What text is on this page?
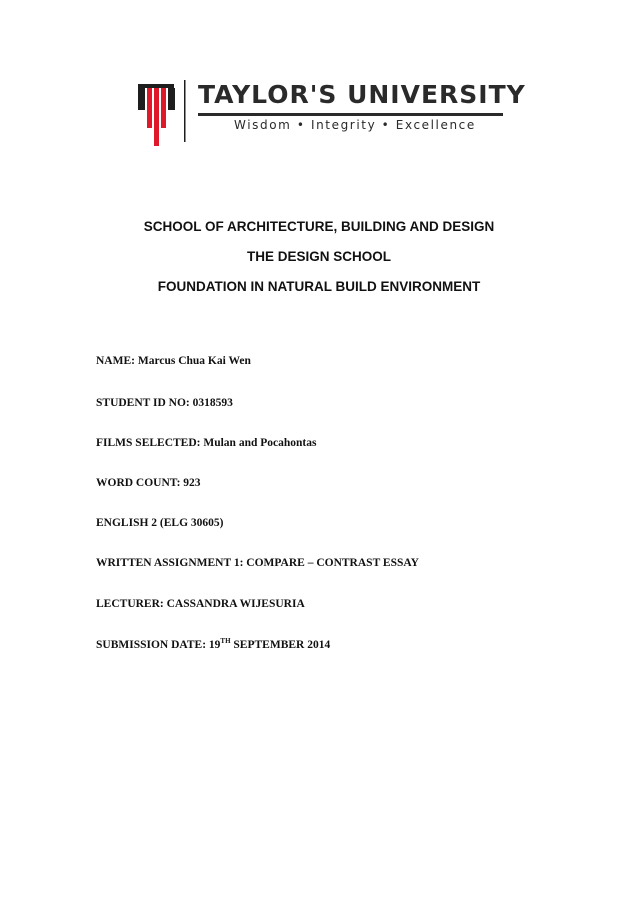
TAYLOR'S UNIVERSITY
Wisdom • Integrity • Excellence
SCHOOL OF ARCHITECTURE, BUILDING AND DESIGN
THE DESIGN SCHOOL
FOUNDATION IN NATURAL BUILD ENVIRONMENT
NAME: Marcus Chua Kai Wen
STUDENT ID NO: 0318593
FILMS SELECTED: Mulan and Pocahontas
WORD COUNT: 923
ENGLISH 2 (ELG 30605)
WRITTEN ASSIGNMENT 1: COMPARE – CONTRAST ESSAY
LECTURER: CASSANDRA WIJESURIA
SUBMISSION DATE: 19TH SEPTEMBER 2014
